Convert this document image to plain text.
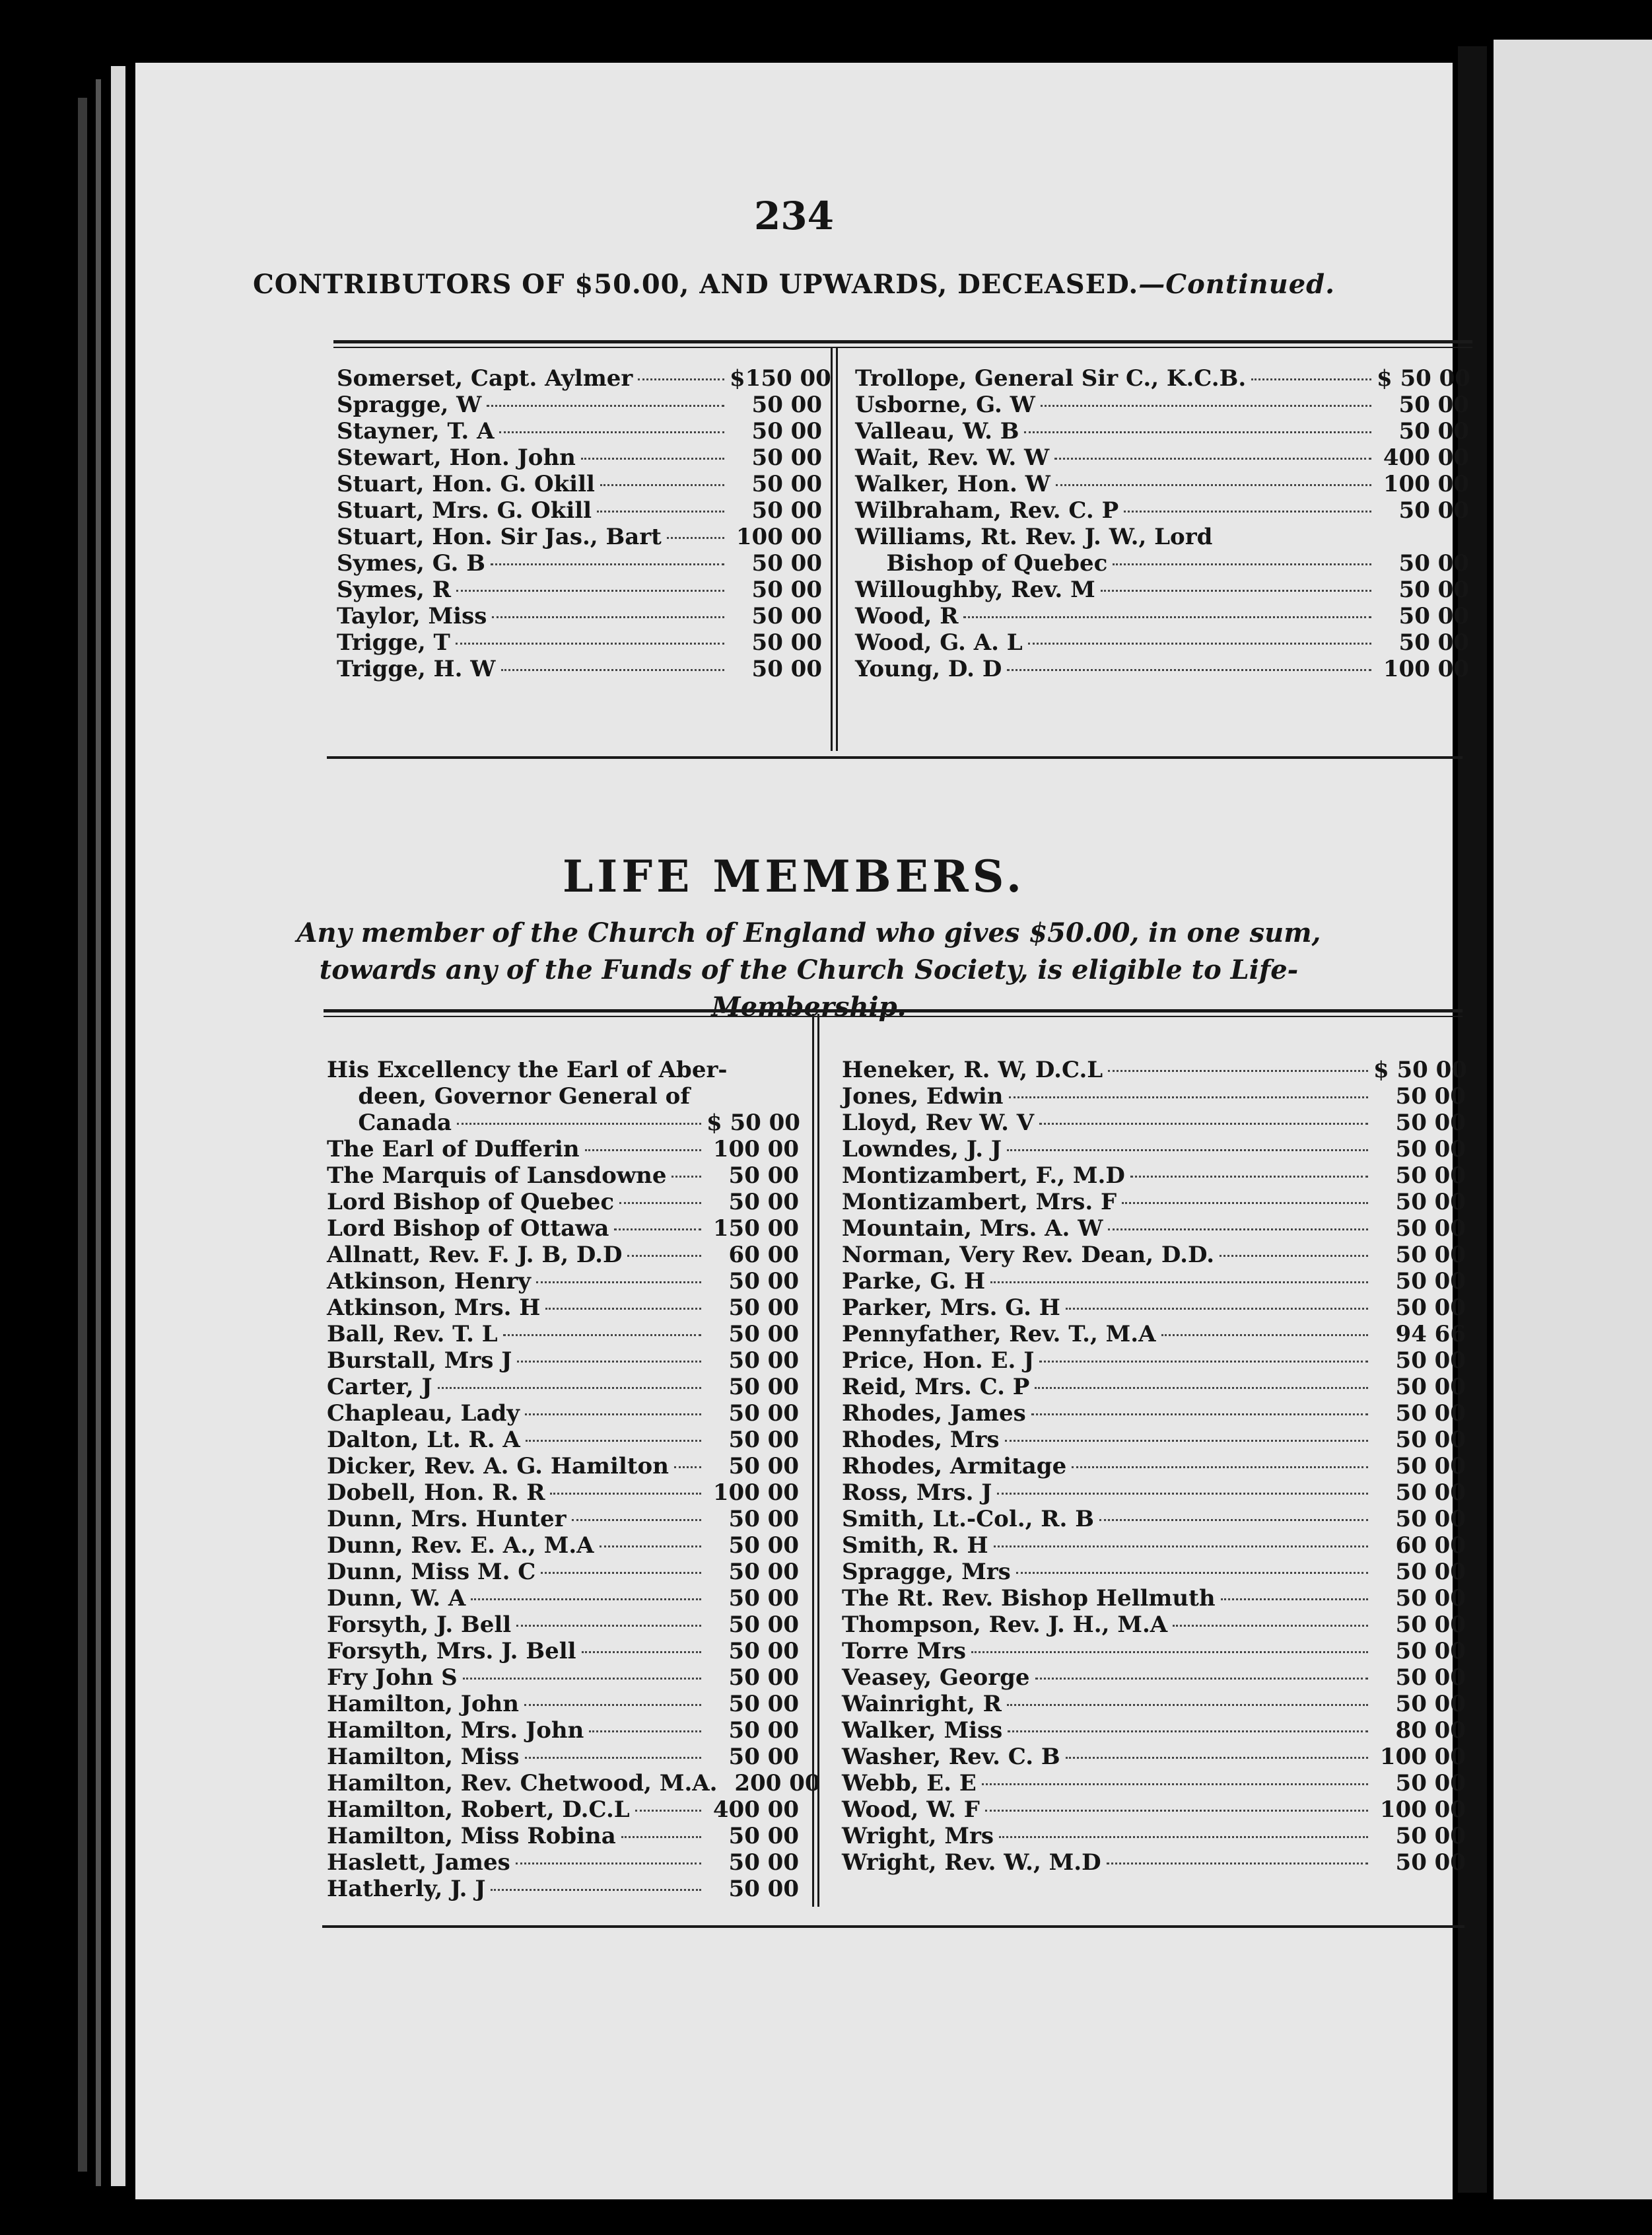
234
CONTRIBUTORS OF $50.00, AND UPWARDS, DECEASED.—Continued.
Somerset, Capt. Aylmer	$150 00
Spragge, W	50 00
Stayner, T. A	50 00
Stewart, Hon. John	50 00
Stuart, Hon. G. Okill	50 00
Stuart, Mrs. G. Okill	50 00
Stuart, Hon. Sir Jas., Bart	100 00
Symes, G. B	50 00
Symes, R	50 00
Taylor, Miss	50 00
Trigge, T	50 00
Trigge, H. W	50 00
Trollope, General Sir C., K.C.B.	$ 50 00
Usborne, G. W	50 00
Valleau, W. B	50 00
Wait, Rev. W. W	400 00
Walker, Hon. W	100 00
Wilbraham, Rev. C. P	50 00
Williams, Rt. Rev. J. W., Lord
Bishop of Quebec	50 00
Willoughby, Rev. M	50 00
Wood, R	50 00
Wood, G. A. L	50 00
Young, D. D	100 00
LIFE MEMBERS.
Any member of the Church of England who gives $50.00, in one sum, towards any of the Funds of the Church Society, is eligible to Life-Membership.
His Excellency the Earl of Aber-
deen, Governor General of
Canada	$ 50 00
The Earl of Dufferin	100 00
The Marquis of Lansdowne	50 00
Lord Bishop of Quebec	50 00
Lord Bishop of Ottawa	150 00
Allnatt, Rev. F. J. B, D.D	60 00
Atkinson, Henry	50 00
Atkinson, Mrs. H	50 00
Ball, Rev. T. L	50 00
Burstall, Mrs J	50 00
Carter, J	50 00
Chapleau, Lady	50 00
Dalton, Lt. R. A	50 00
Dicker, Rev. A. G. Hamilton	50 00
Dobell, Hon. R. R	100 00
Dunn, Mrs. Hunter	50 00
Dunn, Rev. E. A., M.A	50 00
Dunn, Miss M. C	50 00
Dunn, W. A	50 00
Forsyth, J. Bell	50 00
Forsyth, Mrs. J. Bell	50 00
Fry John S	50 00
Hamilton, John	50 00
Hamilton, Mrs. John	50 00
Hamilton, Miss	50 00
Hamilton, Rev. Chetwood, M.A. 200 00
Hamilton, Robert, D.C.L	400 00
Hamilton, Miss Robina	50 00
Haslett, James	50 00
Hatherly, J. J	50 00
Heneker, R. W, D.C.L	$ 50 00
Jones, Edwin	50 00
Lloyd, Rev W. V	50 00
Lowndes, J. J	50 00
Montizambert, F., M.D	50 00
Montizambert, Mrs. F	50 00
Mountain, Mrs. A. W	50 00
Norman, Very Rev. Dean, D.D.	50 00
Parke, G. H	50 00
Parker, Mrs. G. H	50 00
Pennyfather, Rev. T., M.A	94 66
Price, Hon. E. J	50 00
Reid, Mrs. C. P	50 00
Rhodes, James	50 00
Rhodes, Mrs	50 00
Rhodes, Armitage	50 00
Ross, Mrs. J	50 00
Smith, Lt.-Col., R. B	50 00
Smith, R. H	60 00
Spragge, Mrs	50 00
The Rt. Rev. Bishop Hellmuth	50 00
Thompson, Rev. J. H., M.A	50 00
Torre Mrs	50 00
Veasey, George	50 00
Wainright, R	50 00
Walker, Miss	80 00
Washer, Rev. C. B	100 00
Webb, E. E	50 00
Wood, W. F	100 00
Wright, Mrs	50 00
Wright, Rev. W., M.D	50 00
